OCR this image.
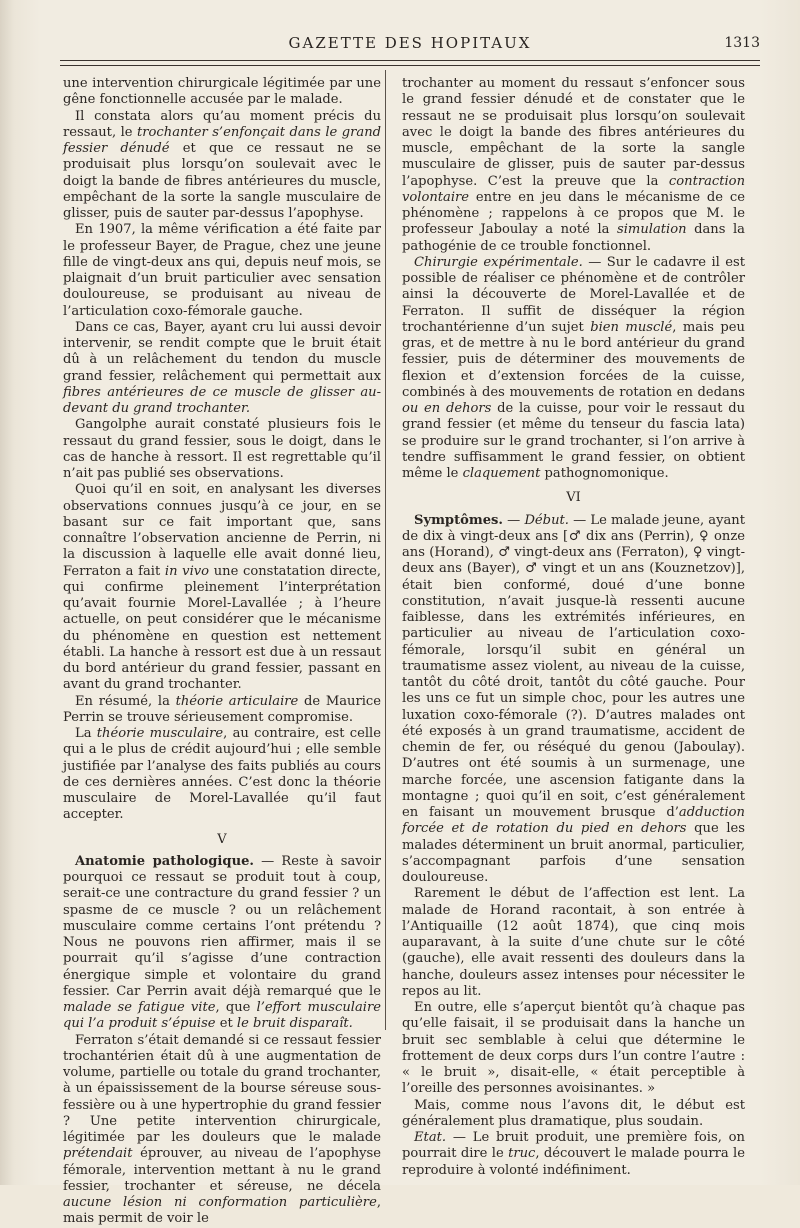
GAZETTE DES HOPITAUX	1313

une intervention chirurgicale légitimée par une gêne fonctionnelle accusée par le malade.

Il constata alors qu’au moment précis du ressaut, le trochanter s’enfonçait dans le grand fessier dénudé et que ce ressaut ne se produisait plus lorsqu’on soulevait avec le doigt la bande de fibres antérieures du muscle, empêchant de la sorte la sangle musculaire de glisser, puis de sauter par-dessus l’apophyse.

En 1907, la même vérification a été faite par le professeur Bayer, de Prague, chez une jeune fille de vingt-deux ans qui, depuis neuf mois, se plaignait d’un bruit particulier avec sensation douloureuse, se produisant au niveau de l’articulation coxo-fémorale gauche.

Dans ce cas, Bayer, ayant cru lui aussi devoir intervenir, se rendit compte que le bruit était dû à un relâchement du tendon du muscle grand fessier, relâchement qui permettait aux fibres antérieures de ce muscle de glisser au-devant du grand trochanter.

Gangolphe aurait constaté plusieurs fois le ressaut du grand fessier, sous le doigt, dans le cas de hanche à ressort. Il est regrettable qu’il n’ait pas publié ses observations.

Quoi qu’il en soit, en analysant les diverses observations connues jusqu’à ce jour, en se basant sur ce fait important que, sans connaître l’observation ancienne de Perrin, ni la discussion à laquelle elle avait donné lieu, Ferraton a fait in vivo une constatation directe, qui confirme pleinement l’interprétation qu’avait fournie Morel-Lavallée ; à l’heure actuelle, on peut considérer que le mécanisme du phénomène en question est nettement établi. La hanche à ressort est due à un ressaut du bord antérieur du grand fessier, passant en avant du grand trochanter.

En résumé, la théorie articulaire de Maurice Perrin se trouve sérieusement compromise.

La théorie musculaire, au contraire, est celle qui a le plus de crédit aujourd’hui ; elle semble justifiée par l’analyse des faits publiés au cours de ces dernières années. C’est donc la théorie musculaire de Morel-Lavallée qu’il faut accepter.

V

Anatomie pathologique. — Reste à savoir pourquoi ce ressaut se produit tout à coup, serait-ce une contracture du grand fessier ? un spasme de ce muscle ? ou un relâchement musculaire comme certains l’ont prétendu ? Nous ne pouvons rien affirmer, mais il se pourrait qu’il s’agisse d’une contraction énergique simple et volontaire du grand fessier. Car Perrin avait déjà remarqué que le malade se fatigue vite, que l’effort musculaire qui l’a produit s’épuise et le bruit disparaît.

Ferraton s’était demandé si ce ressaut fessier trochantérien était dû à une augmentation de volume, partielle ou totale du grand trochanter, à un épaississement de la bourse séreuse sous-fessière ou à une hypertrophie du grand fessier ? Une petite intervention chirurgicale, légitimée par les douleurs que le malade prétendait éprouver, au niveau de l’apophyse fémorale, intervention mettant à nu le grand fessier, trochanter et séreuse, ne décela aucune lésion ni conformation particulière, mais permit de voir le

trochanter au moment du ressaut s’enfoncer sous le grand fessier dénudé et de constater que le ressaut ne se produisait plus lorsqu’on soulevait avec le doigt la bande des fibres antérieures du muscle, empêchant de la sorte la sangle musculaire de glisser, puis de sauter par-dessus l’apophyse. C’est la preuve que la contraction volontaire entre en jeu dans le mécanisme de ce phénomène ; rappelons à ce propos que M. le professeur Jaboulay a noté la simulation dans la pathogénie de ce trouble fonctionnel.

Chirurgie expérimentale. — Sur le cadavre il est possible de réaliser ce phénomène et de contrôler ainsi la découverte de Morel-Lavallée et de Ferraton. Il suffit de disséquer la région trochantérienne d’un sujet bien musclé, mais peu gras, et de mettre à nu le bord antérieur du grand fessier, puis de déterminer des mouvements de flexion et d’extension forcées de la cuisse, combinés à des mouvements de rotation en dedans ou en dehors de la cuisse, pour voir le ressaut du grand fessier (et même du tenseur du fascia lata) se produire sur le grand trochanter, si l’on arrive à tendre suffisamment le grand fessier, on obtient même le claquement pathognomonique.

VI

Symptômes. — Début. — Le malade jeune, ayant de dix à vingt-deux ans [♂ dix ans (Perrin), ♀ onze ans (Horand), ♂ vingt-deux ans (Ferraton), ♀ vingt-deux ans (Bayer), ♂ vingt et un ans (Kouznetzov)], était bien conformé, doué d’une bonne constitution, n’avait jusque-là ressenti aucune faiblesse, dans les extrémités inférieures, en particulier au niveau de l’articulation coxo-fémorale, lorsqu’il subit en général un traumatisme assez violent, au niveau de la cuisse, tantôt du côté droit, tantôt du côté gauche. Pour les uns ce fut un simple choc, pour les autres une luxation coxo-fémorale (?). D’autres malades ont été exposés à un grand traumatisme, accident de chemin de fer, ou réséqué du genou (Jaboulay). D’autres ont été soumis à un surmenage, une marche forcée, une ascension fatigante dans la montagne ; quoi qu’il en soit, c’est généralement en faisant un mouvement brusque d’adduction forcée et de rotation du pied en dehors que les malades déterminent un bruit anormal, particulier, s’accompagnant parfois d’une sensation douloureuse.

Rarement le début de l’affection est lent. La malade de Horand racontait, à son entrée à l’Antiquaille (12 août 1874), que cinq mois auparavant, à la suite d’une chute sur le côté (gauche), elle avait ressenti des douleurs dans la hanche, douleurs assez intenses pour nécessiter le repos au lit.

En outre, elle s’aperçut bientôt qu’à chaque pas qu’elle faisait, il se produisait dans la hanche un bruit sec semblable à celui que détermine le frottement de deux corps durs l’un contre l’autre : « le bruit », disait-elle, « était perceptible à l’oreille des personnes avoisinantes. »

Mais, comme nous l’avons dit, le début est généralement plus dramatique, plus soudain.

Etat. — Le bruit produit, une première fois, on pourrait dire le truc, découvert le malade pourra le reproduire à volonté indéfiniment.
